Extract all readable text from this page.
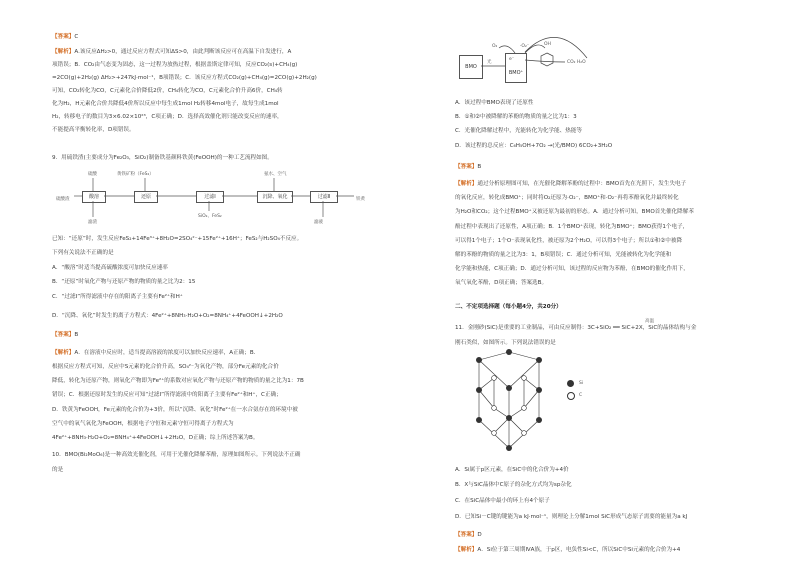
【答案】C
【解析】A.该反应ΔH₂>0，通过反应方程式可知ΔS>0，由此判断该反应可在高温下自发进行，A
项错误；B．CO₂由气态变为固态，这一过程为放热过程，根据盖斯定律可知，反应CO₂(s)+CH₄(g)
=2CO(g)+2H₂(g) ΔH₂>+247kJ·mol⁻¹，B项错误；C．该反应方程式CO₂(g)+CH₄(g)=2CO(g)+2H₂(g)
可知，CO₂转化为CO，C元素化合价降低2价，CH₄转化为CO，C元素化合价升高6价，CH₄转
化为H₂，H元素化合价共降低4价所以反应中每生成1mol H₂转移4mol电子，故每生成1mol
H₂，转移电子的数目为3×6.02×10²³，C项正确；D．选择高效催化剂只能改变反应的速率，
不能提高平衡转化率，D项错误。
9．用硫铁渣(主要成分为Fe₂O₃，SiO₂)制备铁基颜料铁黄(FeOOH)的一种工艺流程如图。
硫酸渣
硫酸	黄铁矿粉（FeS₂）	氨水、空气
酸溶	还原	过滤Ⅰ	沉降、氧化	过滤Ⅱ	铁黄
滤渣
SiO₂、FeS₂
滤液
已知：“还原”时，发生反应FeS₂+14Fe³⁺+8H₂O=2SO₄²⁻+15Fe²⁺+16H⁺；FeS₂与H₂SO₄不反应。
下列有关说法不正确的是
A．“酸溶”时适当提高硫酸浓度可加快反应速率
B．“还原”时氧化产物与还原产物的物质的量之比为2：15
C．“过滤Ⅰ”所得滤液中存在的阳离子主要有Fe²⁺和H⁺
D．“沉降、氧化”时发生的离子方程式：4Fe²⁺+8NH₃·H₂O+O₂=8NH₄⁺+4FeOOH↓+2H₂O
【答案】B
【解析】A．在溶液中反应时，适当提高溶液的浓度可以加快反应速率，A正确；B．
根据反应方程式可知，反应中S元素的化合价升高，SO₄²⁻为氧化产物，部分Fe元素的化合价
降低，转化为还原产物，则氧化产物即为Fe²⁺的系数对应氧化产物与还原产物的物质的量之比为1：7B
错误；C．根据还原时发生的反应可知“过滤Ⅰ”所得滤液中的阳离子主要有Fe²⁺和H⁺，C正确；
D．铁黄为FeOOH，Fe元素的化合价为+3价，所以“沉降、氧化”时Fe²⁺在一水合氨存在的环境中被
空气中的氧气氧化为FeOOH，根据电子守恒和元素守恒可得离子方程式为
4Fe²⁺+8NH₃·H₂O+O₂=8NH₄⁺+4FeOOH↓+2H₂O，D正确；综上所述答案为B。
10．BMO(Bi₂MoO₆)是一种高效光催化剂，可用于光催化降解苯酚，原理如图所示。下列说法不正确
的是
BMO
光
BMO⁺
e⁻
O₂	·O₂⁻	OH
CO₂ H₂O
A．该过程中BMO表现了还原性
B．①和②中被降解的苯酚的物质的量之比为1：3
C．光催化降解过程中，光能转化为化学能、热能等
D．该过程的总反应：C₆H₅OH+7O₂ →(光/BMO) 6CO₂+3H₂O
【答案】B
【解析】通过分析原理图可知，在光催化降解苯酚的过程中：BMO首先在光照下，发生失电子
的氧化反应，转化成BMO⁺；同时将O₂还原为·O₂⁻，BMO⁺和·O₂⁻再将苯酚氧化并最终转化
为H₂O和CO₂；这个过程BMO⁺又被还原为最初的形态。A．通过分析可知，BMO首先催化降解苯
酚过程中表现出了还原性，A项正确；B．1个BMO⁺表现，转化为BMO⁺；BMO获得1个电子，
可以得1个电子；1个O⁻表现氧化性，被还原为2个H₂O，可以得3个电子；所以①和②中被降
解的苯酚的物质的量之比为3：1，B项错误；C．通过分析可知，光能被转化为化学能和
化学能和热能，C项正确；D．通过分析可知，该过程的反应物为苯酚，在BMO的催化作用下，
氧气氧化苯酚，D项正确；答案选B。
二、不定项选择题（每小题4分，共20分）
11．金刚砂(SiC)是重要的工业制品，可由反应制得：3C+SiO₂ ══ SiC+2X，SiC的晶体结构与金
高温
刚石类似，如图所示。下列说法错误的是
Si
C
A．Si属于p区元素，在SiC中的化合价为+4价
B．X与SiC晶体中C原子的杂化方式均为sp杂化
C．在SiC晶体中最小的环上有4个原子
D．已知Si－C键的键能为a kJ·mol⁻¹，则理论上分解1mol SiC形成气态原子需要的能量为a kJ
【答案】D
【解析】A．Si位于第三周期ⅣA族，于p区，电负性Si<C，所以SiC中Si元素的化合价为+4
